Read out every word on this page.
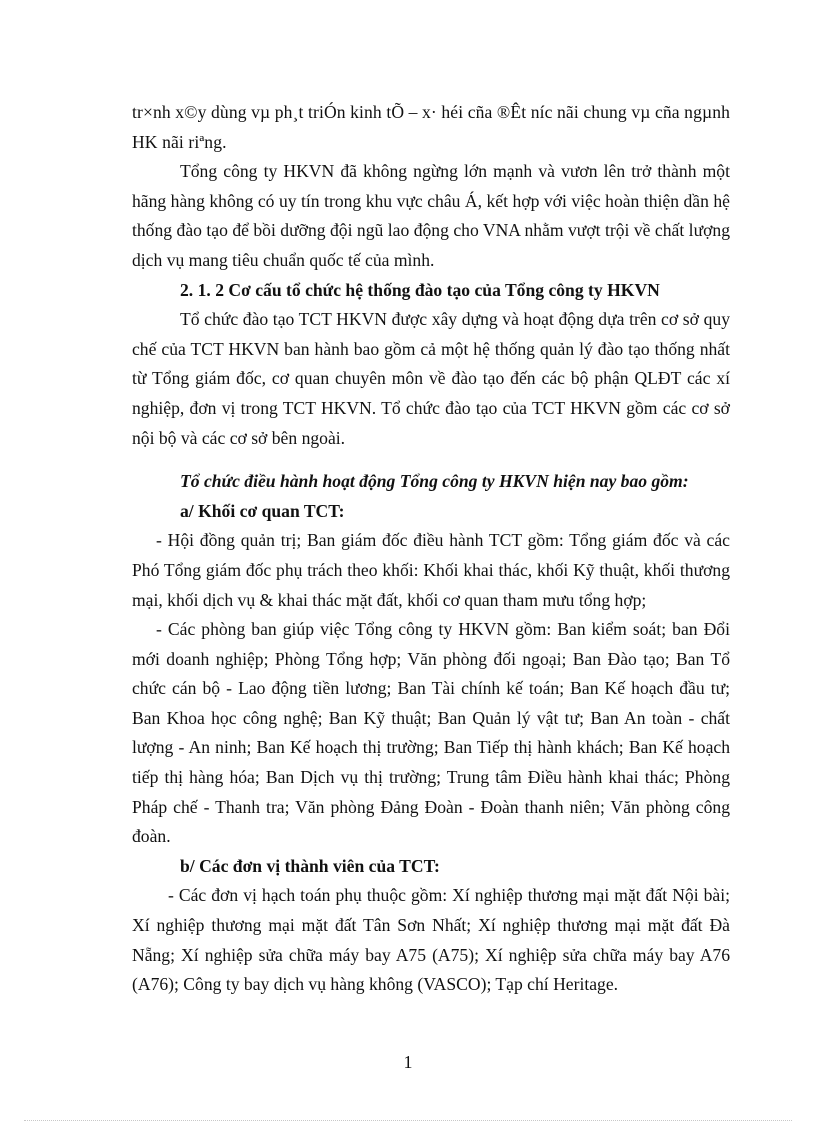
tr×nh x©y dùng vµ ph¸t triÓn kinh tÕ – x· héi cña ®Êt níc nãi chung vµ cña ngµnh HK nãi riªng.

Tổng công ty HKVN đã không ngừng lớn mạnh và vươn lên trở thành một hãng hàng không có uy tín trong khu vực châu Á, kết hợp với việc hoàn thiện dần hệ thống đào tạo để bồi dưỡng đội ngũ lao động cho VNA nhằm vượt trội về chất lượng dịch vụ mang tiêu chuẩn quốc tế của mình.

2. 1. 2 Cơ cấu tổ chức hệ thống đào tạo của Tổng công ty HKVN

Tổ chức đào tạo TCT HKVN được xây dựng và hoạt động dựa trên cơ sở quy chế của TCT HKVN ban hành bao gồm cả một hệ thống quản lý đào tạo thống nhất từ Tổng giám đốc, cơ quan chuyên môn về đào tạo đến các bộ phận QLĐT các xí nghiệp, đơn vị trong TCT HKVN. Tổ chức đào tạo của TCT HKVN gồm các cơ sở nội bộ và các cơ sở bên ngoài.

Tổ chức điều hành hoạt động Tổng công ty HKVN hiện nay bao gồm:

a/ Khối cơ quan TCT:

- Hội đồng quản trị; Ban giám đốc điều hành TCT gồm: Tổng giám đốc và các Phó Tổng giám đốc phụ trách theo khối: Khối khai thác, khối Kỹ thuật, khối thương mại, khối dịch vụ & khai thác mặt đất, khối cơ quan tham mưu tổng hợp;

- Các phòng ban giúp việc Tổng công ty HKVN gồm: Ban kiểm soát; ban Đổi mới doanh nghiệp; Phòng Tổng hợp; Văn phòng đối ngoại; Ban Đào tạo; Ban Tổ chức cán bộ - Lao động tiền lương; Ban Tài chính kế toán; Ban Kế hoạch đầu tư; Ban Khoa học công nghệ; Ban Kỹ thuật; Ban Quản lý vật tư; Ban An toàn - chất lượng - An ninh; Ban Kế hoạch thị trường; Ban Tiếp thị hành khách; Ban Kế hoạch tiếp thị hàng hóa; Ban Dịch vụ thị trường; Trung tâm Điều hành khai thác; Phòng Pháp chế - Thanh tra; Văn phòng Đảng Đoàn - Đoàn thanh niên; Văn phòng công đoàn.

b/ Các đơn vị thành viên của TCT:

- Các đơn vị hạch toán phụ thuộc gồm: Xí nghiệp thương mại mặt đất Nội bài; Xí nghiệp thương mại mặt đất Tân Sơn Nhất; Xí nghiệp thương mại mặt đất Đà Nẵng; Xí nghiệp sửa chữa máy bay A75 (A75); Xí nghiệp sửa chữa máy bay A76 (A76); Công ty bay dịch vụ hàng không (VASCO); Tạp chí Heritage.

1
